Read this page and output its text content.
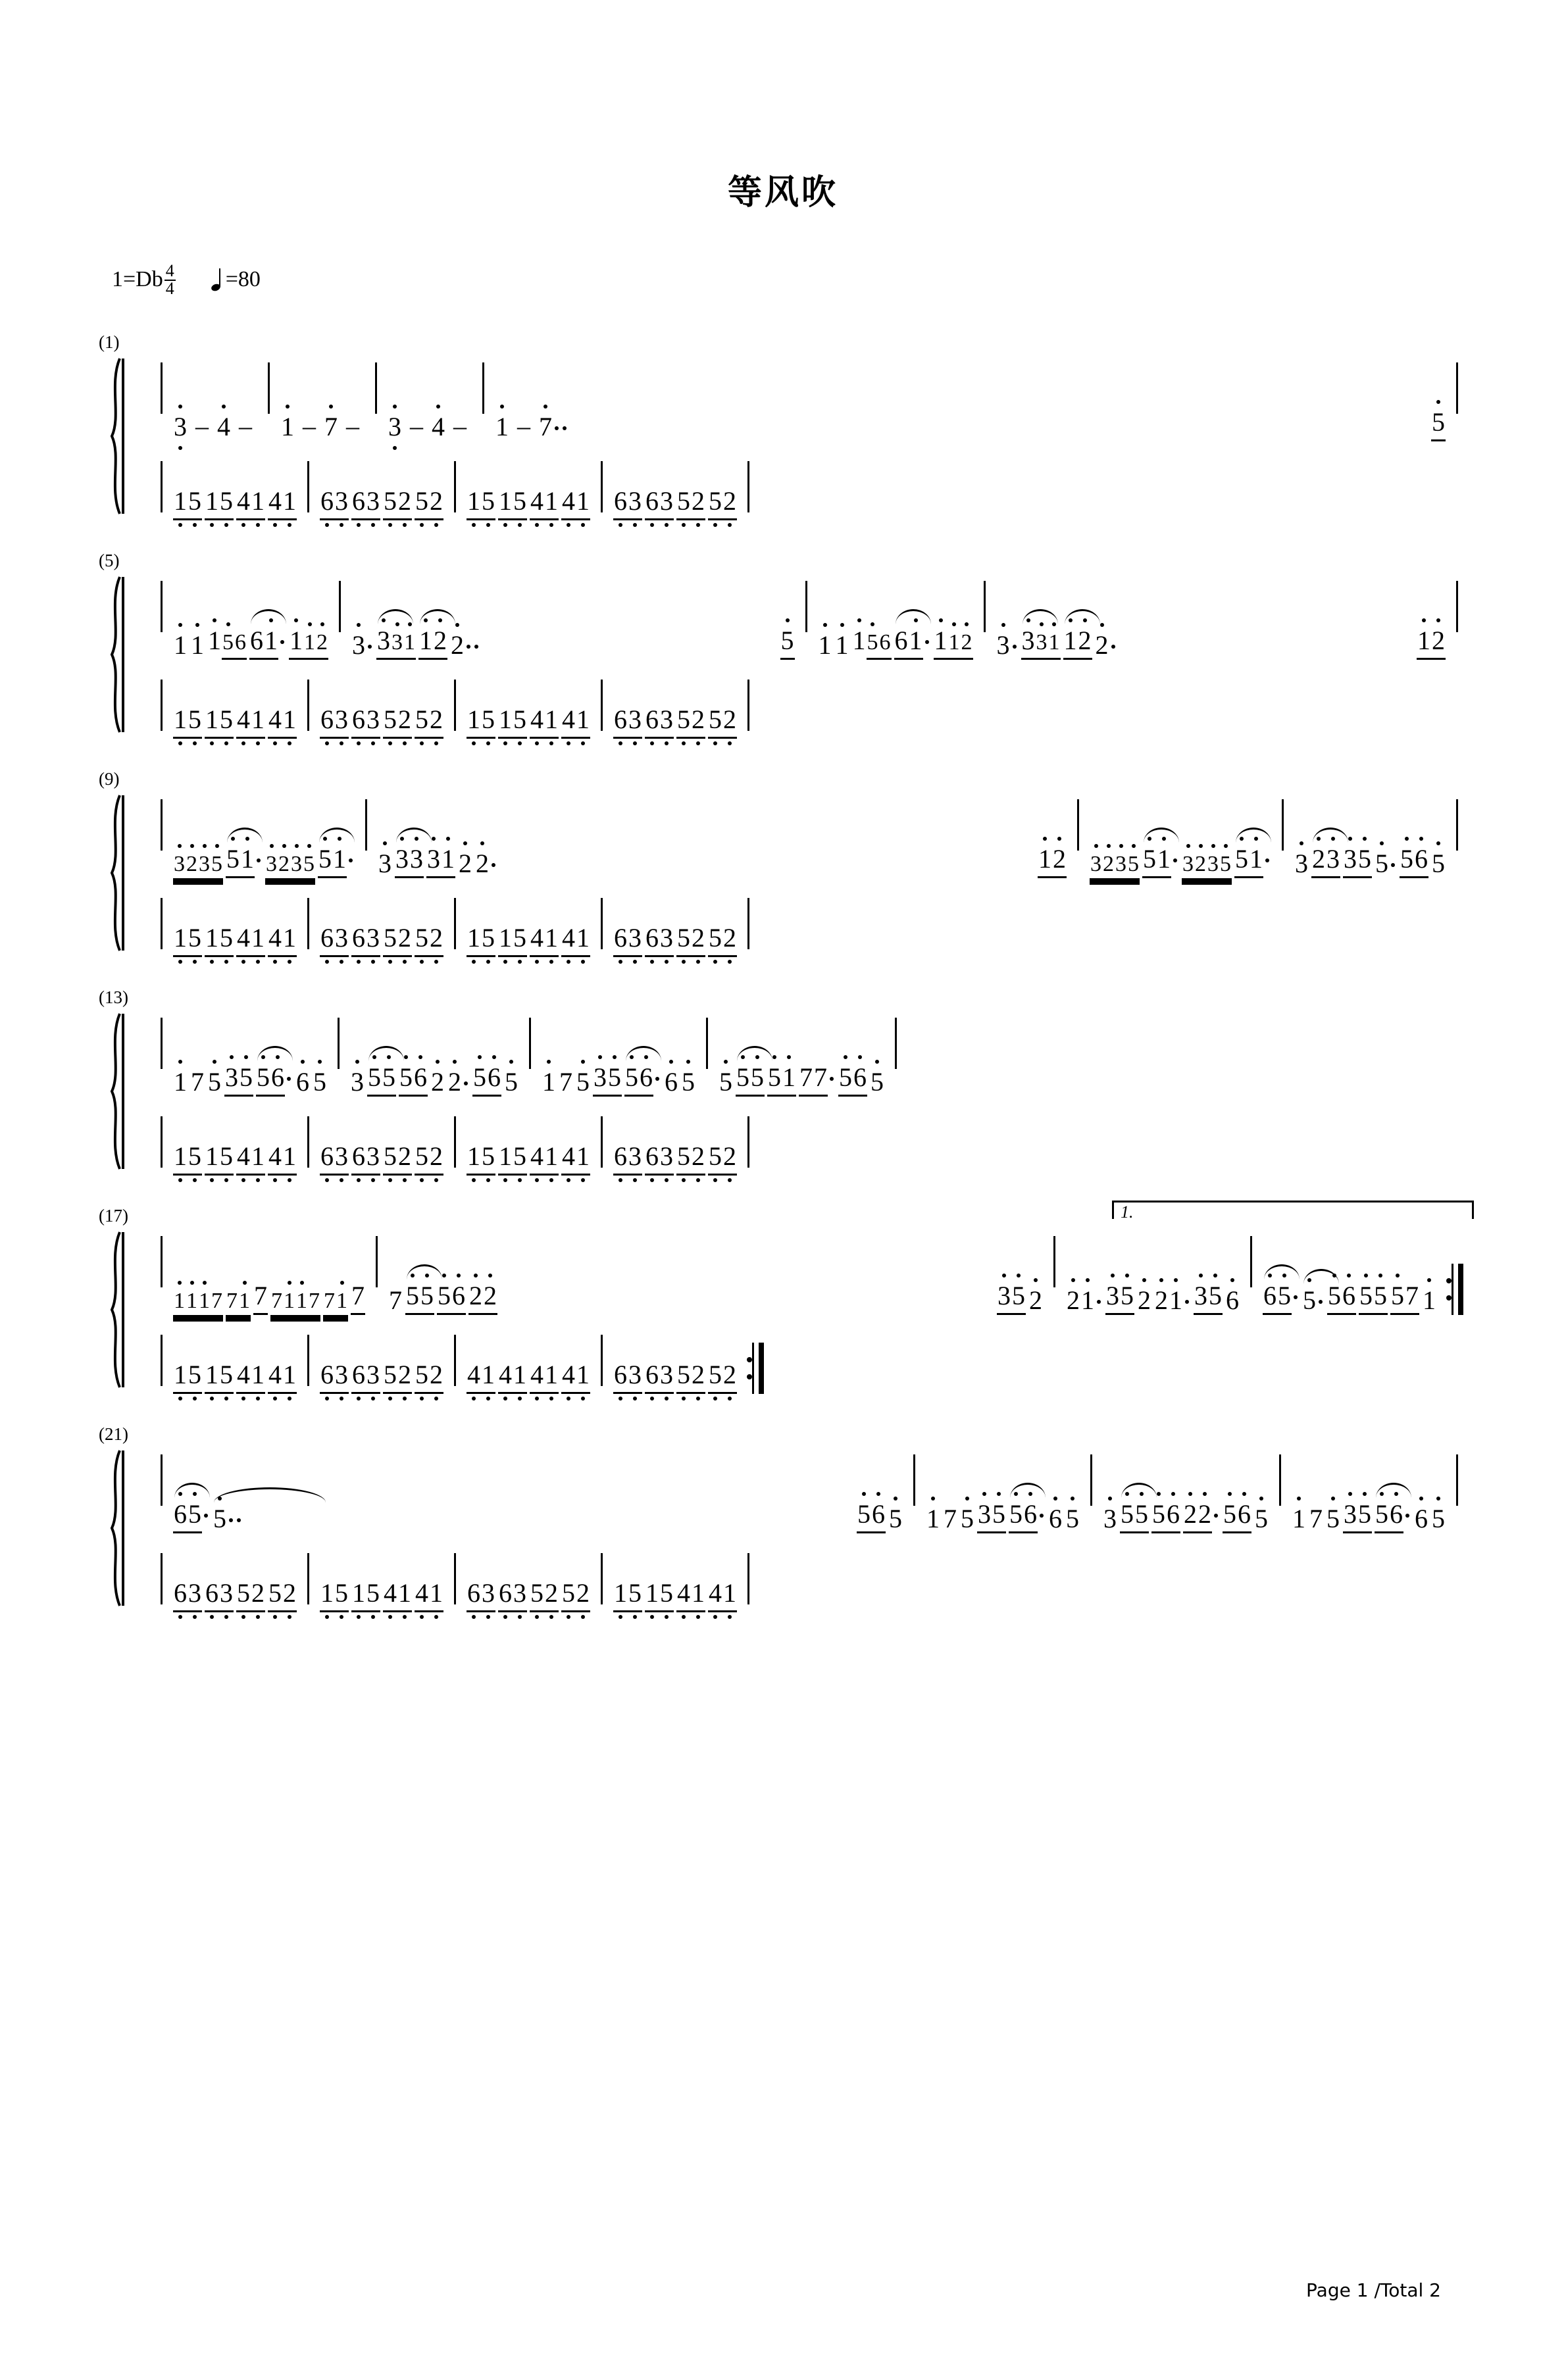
等风吹
$1=Db \frac{4}{4} =80$
(1)
3 – 4 – 1 – 7 – 3 – 4 – 1 – 7	5
1
5 1
5 4
1 4
1 6
3 6
3 5
2 5
2 1
5 1
5 4
1 4
1 6
3 6
3 5
2 5
2
(5)
1 1 1
5
6 61 1
1
2 3 3
3
1 1
2 2	5 1 1 1
5
6 61 1
1
2 3 3
3
1 1
2 2	1
2
1
5 1
5 4
1 4
1 6
3 6
3 5
2 5
2 1
5 1
5 4
1 4
1 6
3 6
3 5
2 5
2
(9)
3
2
3
5 5
1 3
2
3
5 5
1	3 3
3 3
1 2 2	1
2 3
2
3
5 5
1 3
2
3
5 5
1	3 2
3 3
5 5 5
6 5
1
5 1
5 4
1 4
1 6
3 6
3 5
2 5
2 1
5 1
5 4
1 4
1 6
3 6
3 5
2 5
2
(13)
1 7 5 3
5 5
6 6 5 3 5
5 5
6 2 2 5
6 5 1 7 5 3
5 5
6 6 5 5 5
5 5
1 77 5
6 5
1
5 1
5 4
1 4
1 6
3 6
3 5
2 5
2 1
5 1
5 4
1 4
1 6
3 6
3 5
2 5
2
(17)	1.
1
1
1
7 71 7 71
1
7 71 7 7 5
5 5
6 2
2	3
5 2 2
1 3
5 2 2
1 3
5 6 6
5 5 5
6 5
5 5
7 1
1
5 1
5 4
1 4
1 6
3 6
3 5
2 5
2 4
1 4
1 4
1 4
1 6
3 6
3 5
2 5
2
(21)
6
5 5	5
6 5 1 7 5 3
5 5
6 6 5 3 5
5 5
6 2
2 5
6 5 1 7 5 3
5 5
6 6 5
6
3 6
3 5
2 5
2 1
5 1
5 4
1 4
1 6
3 6
3 5
2 5
2 1
5 1
5 4
1 4
1
Page 1 /Total 2
